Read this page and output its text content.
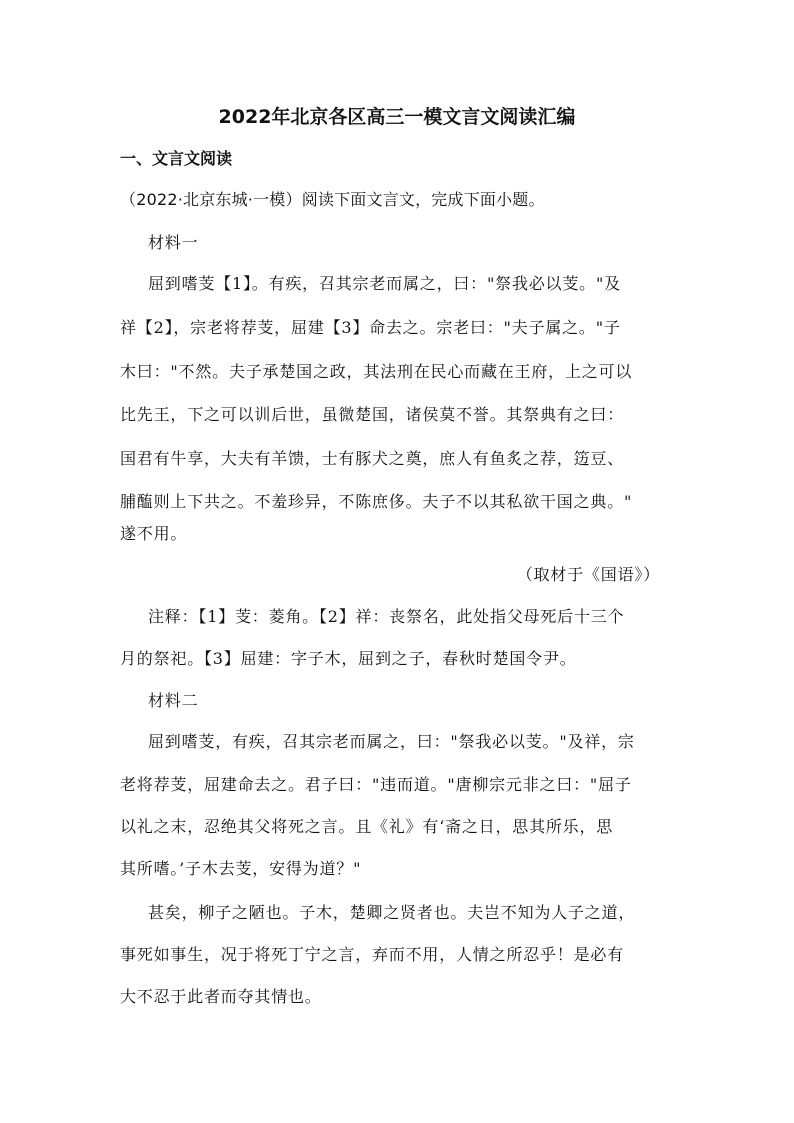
2022年北京各区高三一模文言文阅读汇编
一、文言文阅读
（2022·北京东城·一模）阅读下面文言文，完成下面小题。
材料一
屈到嗜芰【1】。有疾，召其宗老而属之，曰："祭我必以芰。"及
祥【2】，宗老将荐芰，屈建【3】命去之。宗老曰："夫子属之。"子
木曰："不然。夫子承楚国之政，其法刑在民心而藏在王府，上之可以
比先王，下之可以训后世，虽微楚国，诸侯莫不誉。其祭典有之曰：
国君有牛享，大夫有羊馈，士有豚犬之奠，庶人有鱼炙之荐，笾豆、
脯醢则上下共之。不羞珍异，不陈庶侈。夫子不以其私欲干国之典。"
遂不用。
（取材于《国语》）
注释：【1】芰：菱角。【2】祥：丧祭名，此处指父母死后十三个
月的祭祀。【3】屈建：字子木，屈到之子，春秋时楚国令尹。
材料二
屈到嗜芰，有疾，召其宗老而属之，曰："祭我必以芰。"及祥，宗
老将荐芰，屈建命去之。君子曰："违而道。"唐柳宗元非之曰："屈子
以礼之末，忍绝其父将死之言。且《礼》有‘斋之日，思其所乐，思
其所嗜。’子木去芰，安得为道？"
甚矣，柳子之陋也。子木，楚卿之贤者也。夫岂不知为人子之道，
事死如事生，况于将死丁宁之言，弃而不用，人情之所忍乎！是必有
大不忍于此者而夺其情也。
